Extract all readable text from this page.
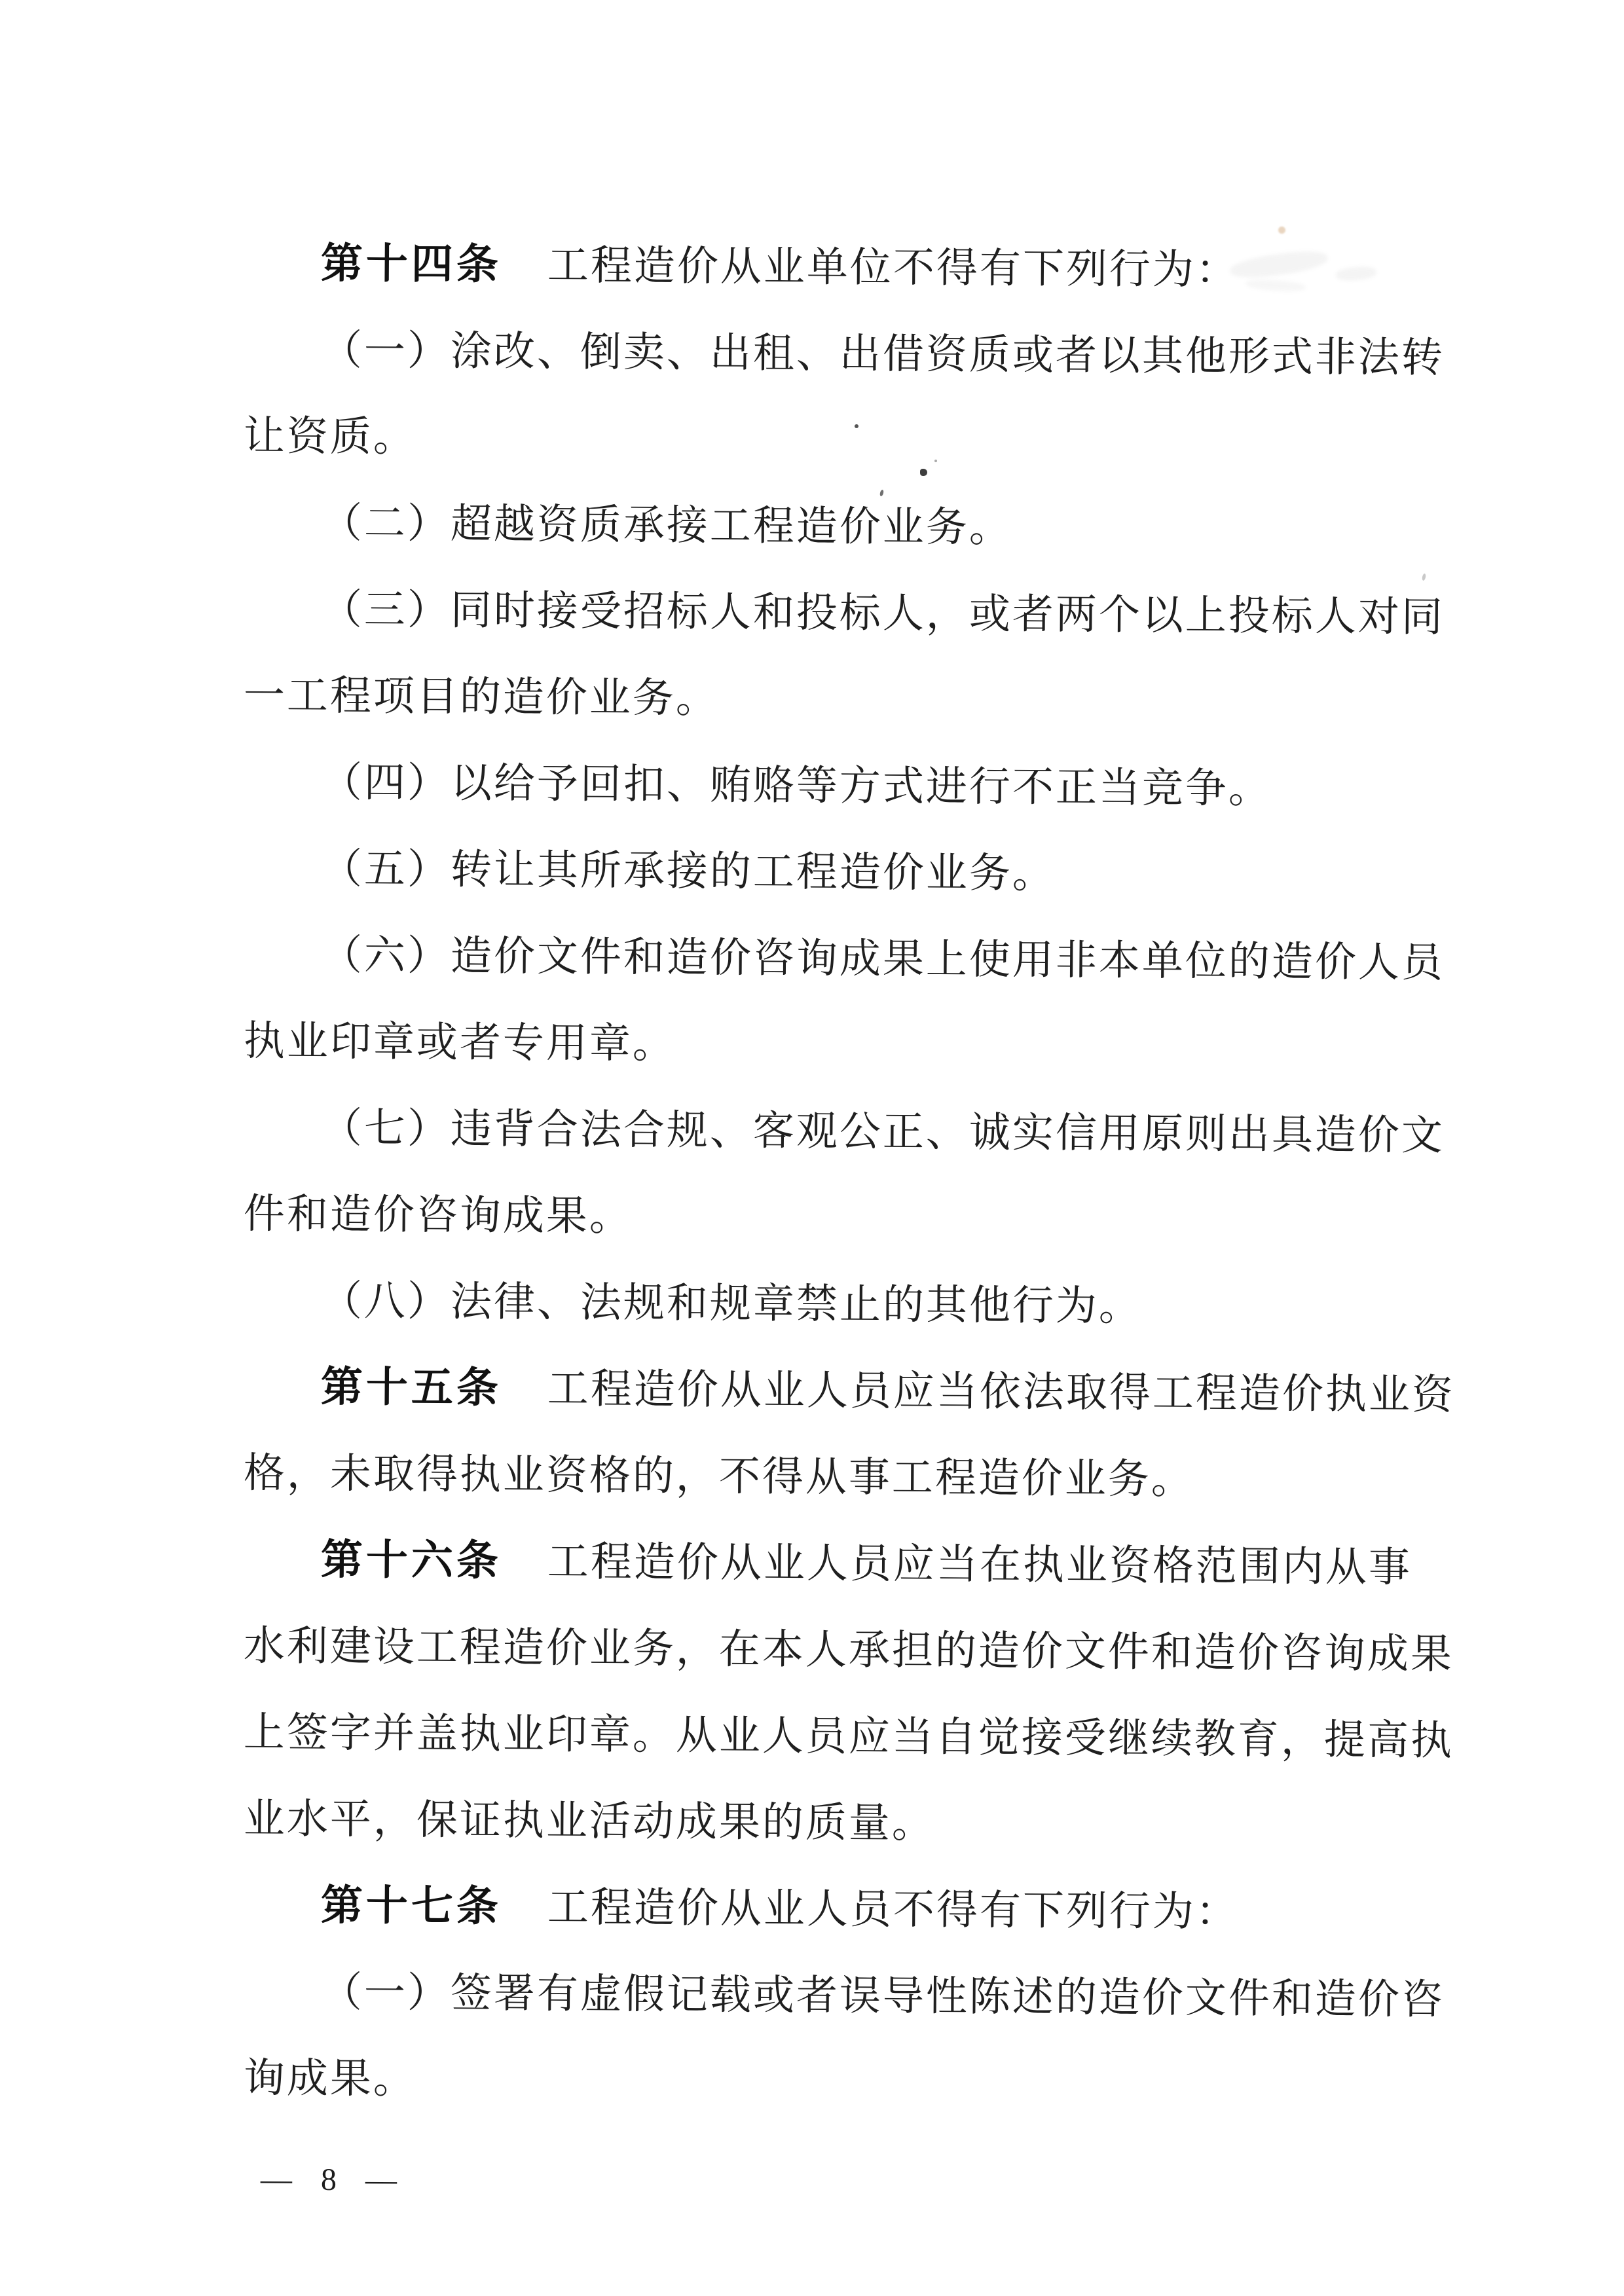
第十四条 工程造价从业单位不得有下列行为：
（一）涂改、倒卖、出租、出借资质或者以其他形式非法转
让资质。
（二）超越资质承接工程造价业务。
（三）同时接受招标人和投标人，或者两个以上投标人对同
一工程项目的造价业务。
（四）以给予回扣、贿赂等方式进行不正当竞争。
（五）转让其所承接的工程造价业务。
（六）造价文件和造价咨询成果上使用非本单位的造价人员
执业印章或者专用章。
（七）违背合法合规、客观公正、诚实信用原则出具造价文
件和造价咨询成果。
（八）法律、法规和规章禁止的其他行为。
第十五条 工程造价从业人员应当依法取得工程造价执业资
格，未取得执业资格的，不得从事工程造价业务。
第十六条 工程造价从业人员应当在执业资格范围内从事
水利建设工程造价业务，在本人承担的造价文件和造价咨询成果
上签字并盖执业印章。从业人员应当自觉接受继续教育，提高执
业水平，保证执业活动成果的质量。
第十七条 工程造价从业人员不得有下列行为：
（一）签署有虚假记载或者误导性陈述的造价文件和造价咨
询成果。
— 8 —
